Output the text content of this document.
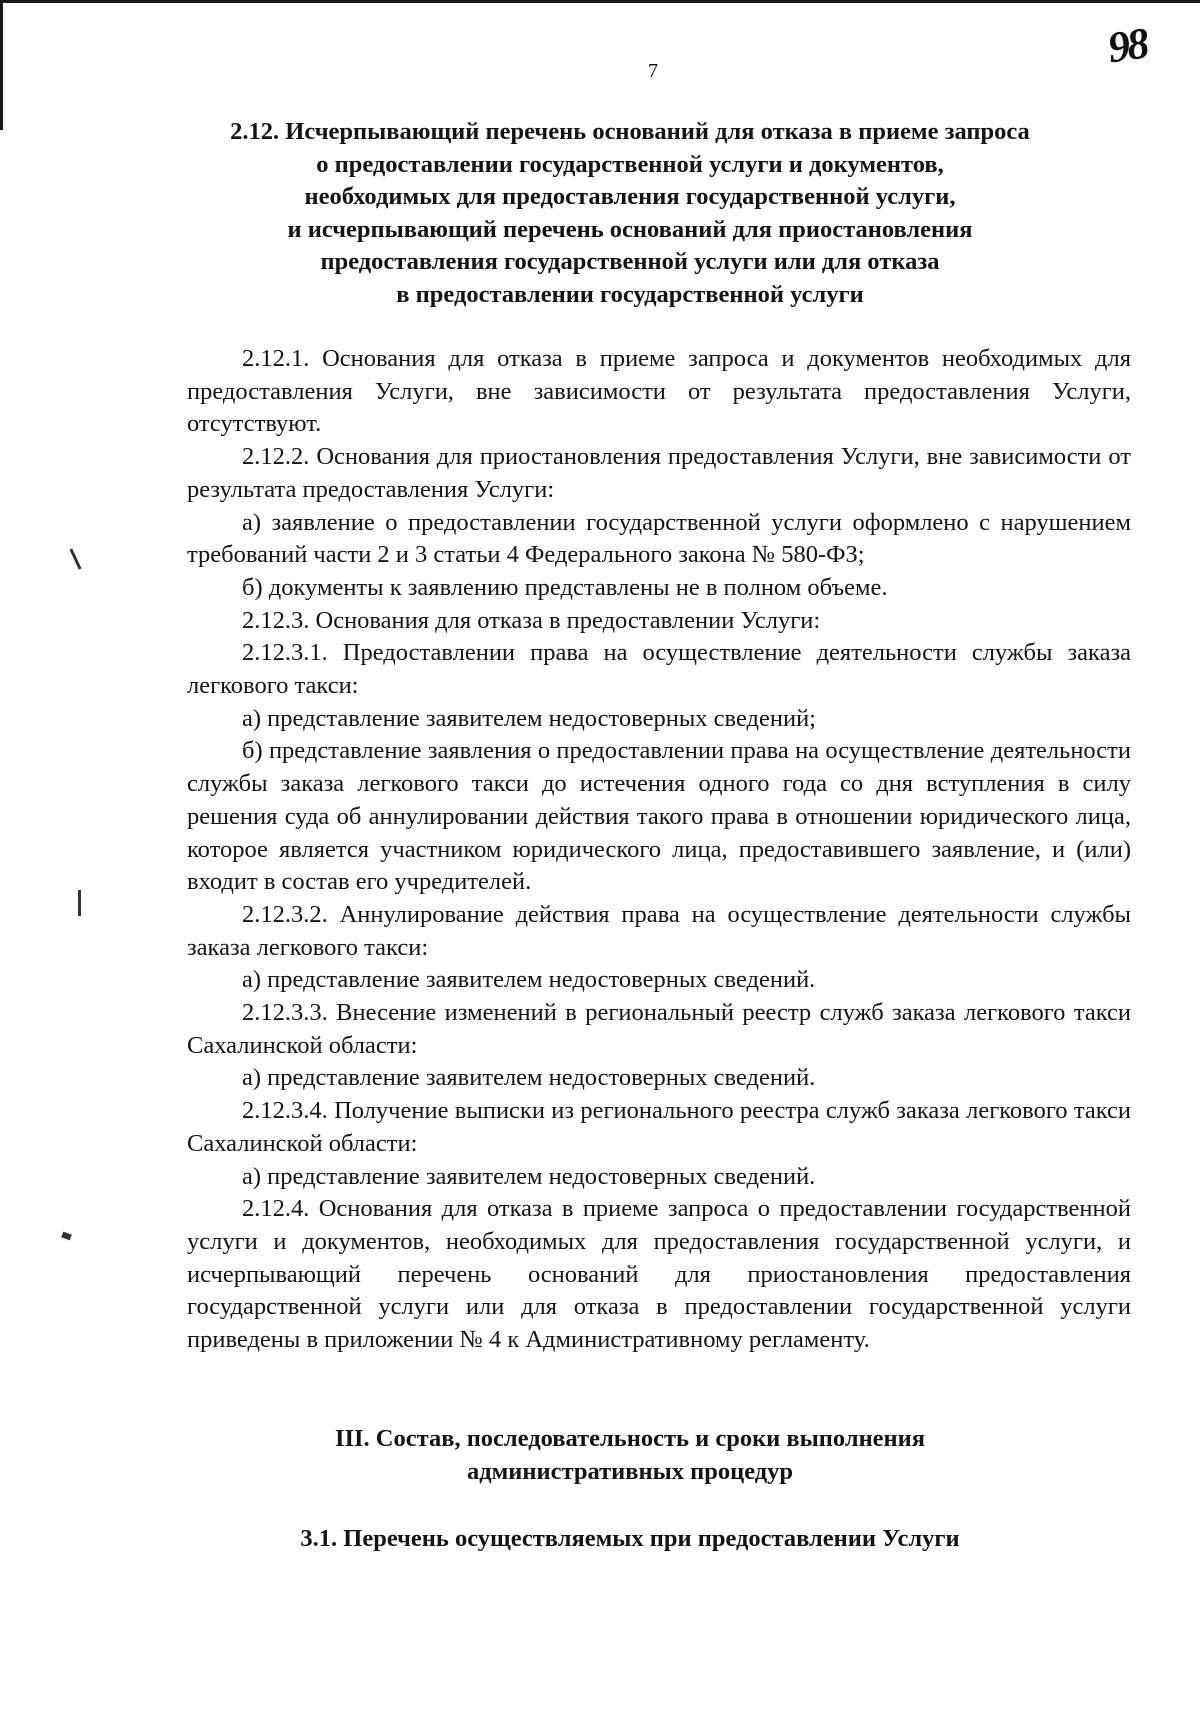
7	98
2.12. Исчерпывающий перечень оснований для отказа в приеме запроса
о предоставлении государственной услуги и документов,
необходимых для предоставления государственной услуги,
и исчерпывающий перечень оснований для приостановления
предоставления государственной услуги или для отказа
в предоставлении государственной услуги

2.12.1. Основания для отказа в приеме запроса и документов необходимых для предоставления Услуги, вне зависимости от результата предоставления Услуги, отсутствуют.

2.12.2. Основания для приостановления предоставления Услуги, вне зависимости от результата предоставления Услуги:

а) заявление о предоставлении государственной услуги оформлено с нарушением требований части 2 и 3 статьи 4 Федерального закона № 580-ФЗ;

б) документы к заявлению представлены не в полном объеме.

2.12.3. Основания для отказа в предоставлении Услуги:

2.12.3.1. Предоставлении права на осуществление деятельности службы заказа легкового такси:

а) представление заявителем недостоверных сведений;

б) представление заявления о предоставлении права на осуществление деятельности службы заказа легкового такси до истечения одного года со дня вступления в силу решения суда об аннулировании действия такого права в отношении юридического лица, которое является участником юридического лица, предоставившего заявление, и (или) входит в состав его учредителей.

2.12.3.2. Аннулирование действия права на осуществление деятельности службы заказа легкового такси:

а) представление заявителем недостоверных сведений.

2.12.3.3. Внесение изменений в региональный реестр служб заказа легкового такси Сахалинской области:

а) представление заявителем недостоверных сведений.

2.12.3.4. Получение выписки из регионального реестра служб заказа легкового такси Сахалинской области:

а) представление заявителем недостоверных сведений.

2.12.4. Основания для отказа в приеме запроса о предоставлении государственной услуги и документов, необходимых для предоставления государственной услуги, и исчерпывающий перечень оснований для приостановления предоставления государственной услуги или для отказа в предоставлении государственной услуги приведены в приложении № 4 к Административному регламенту.

III. Состав, последовательность и сроки выполнения
административных процедур
3.1. Перечень осуществляемых при предоставлении Услуги
